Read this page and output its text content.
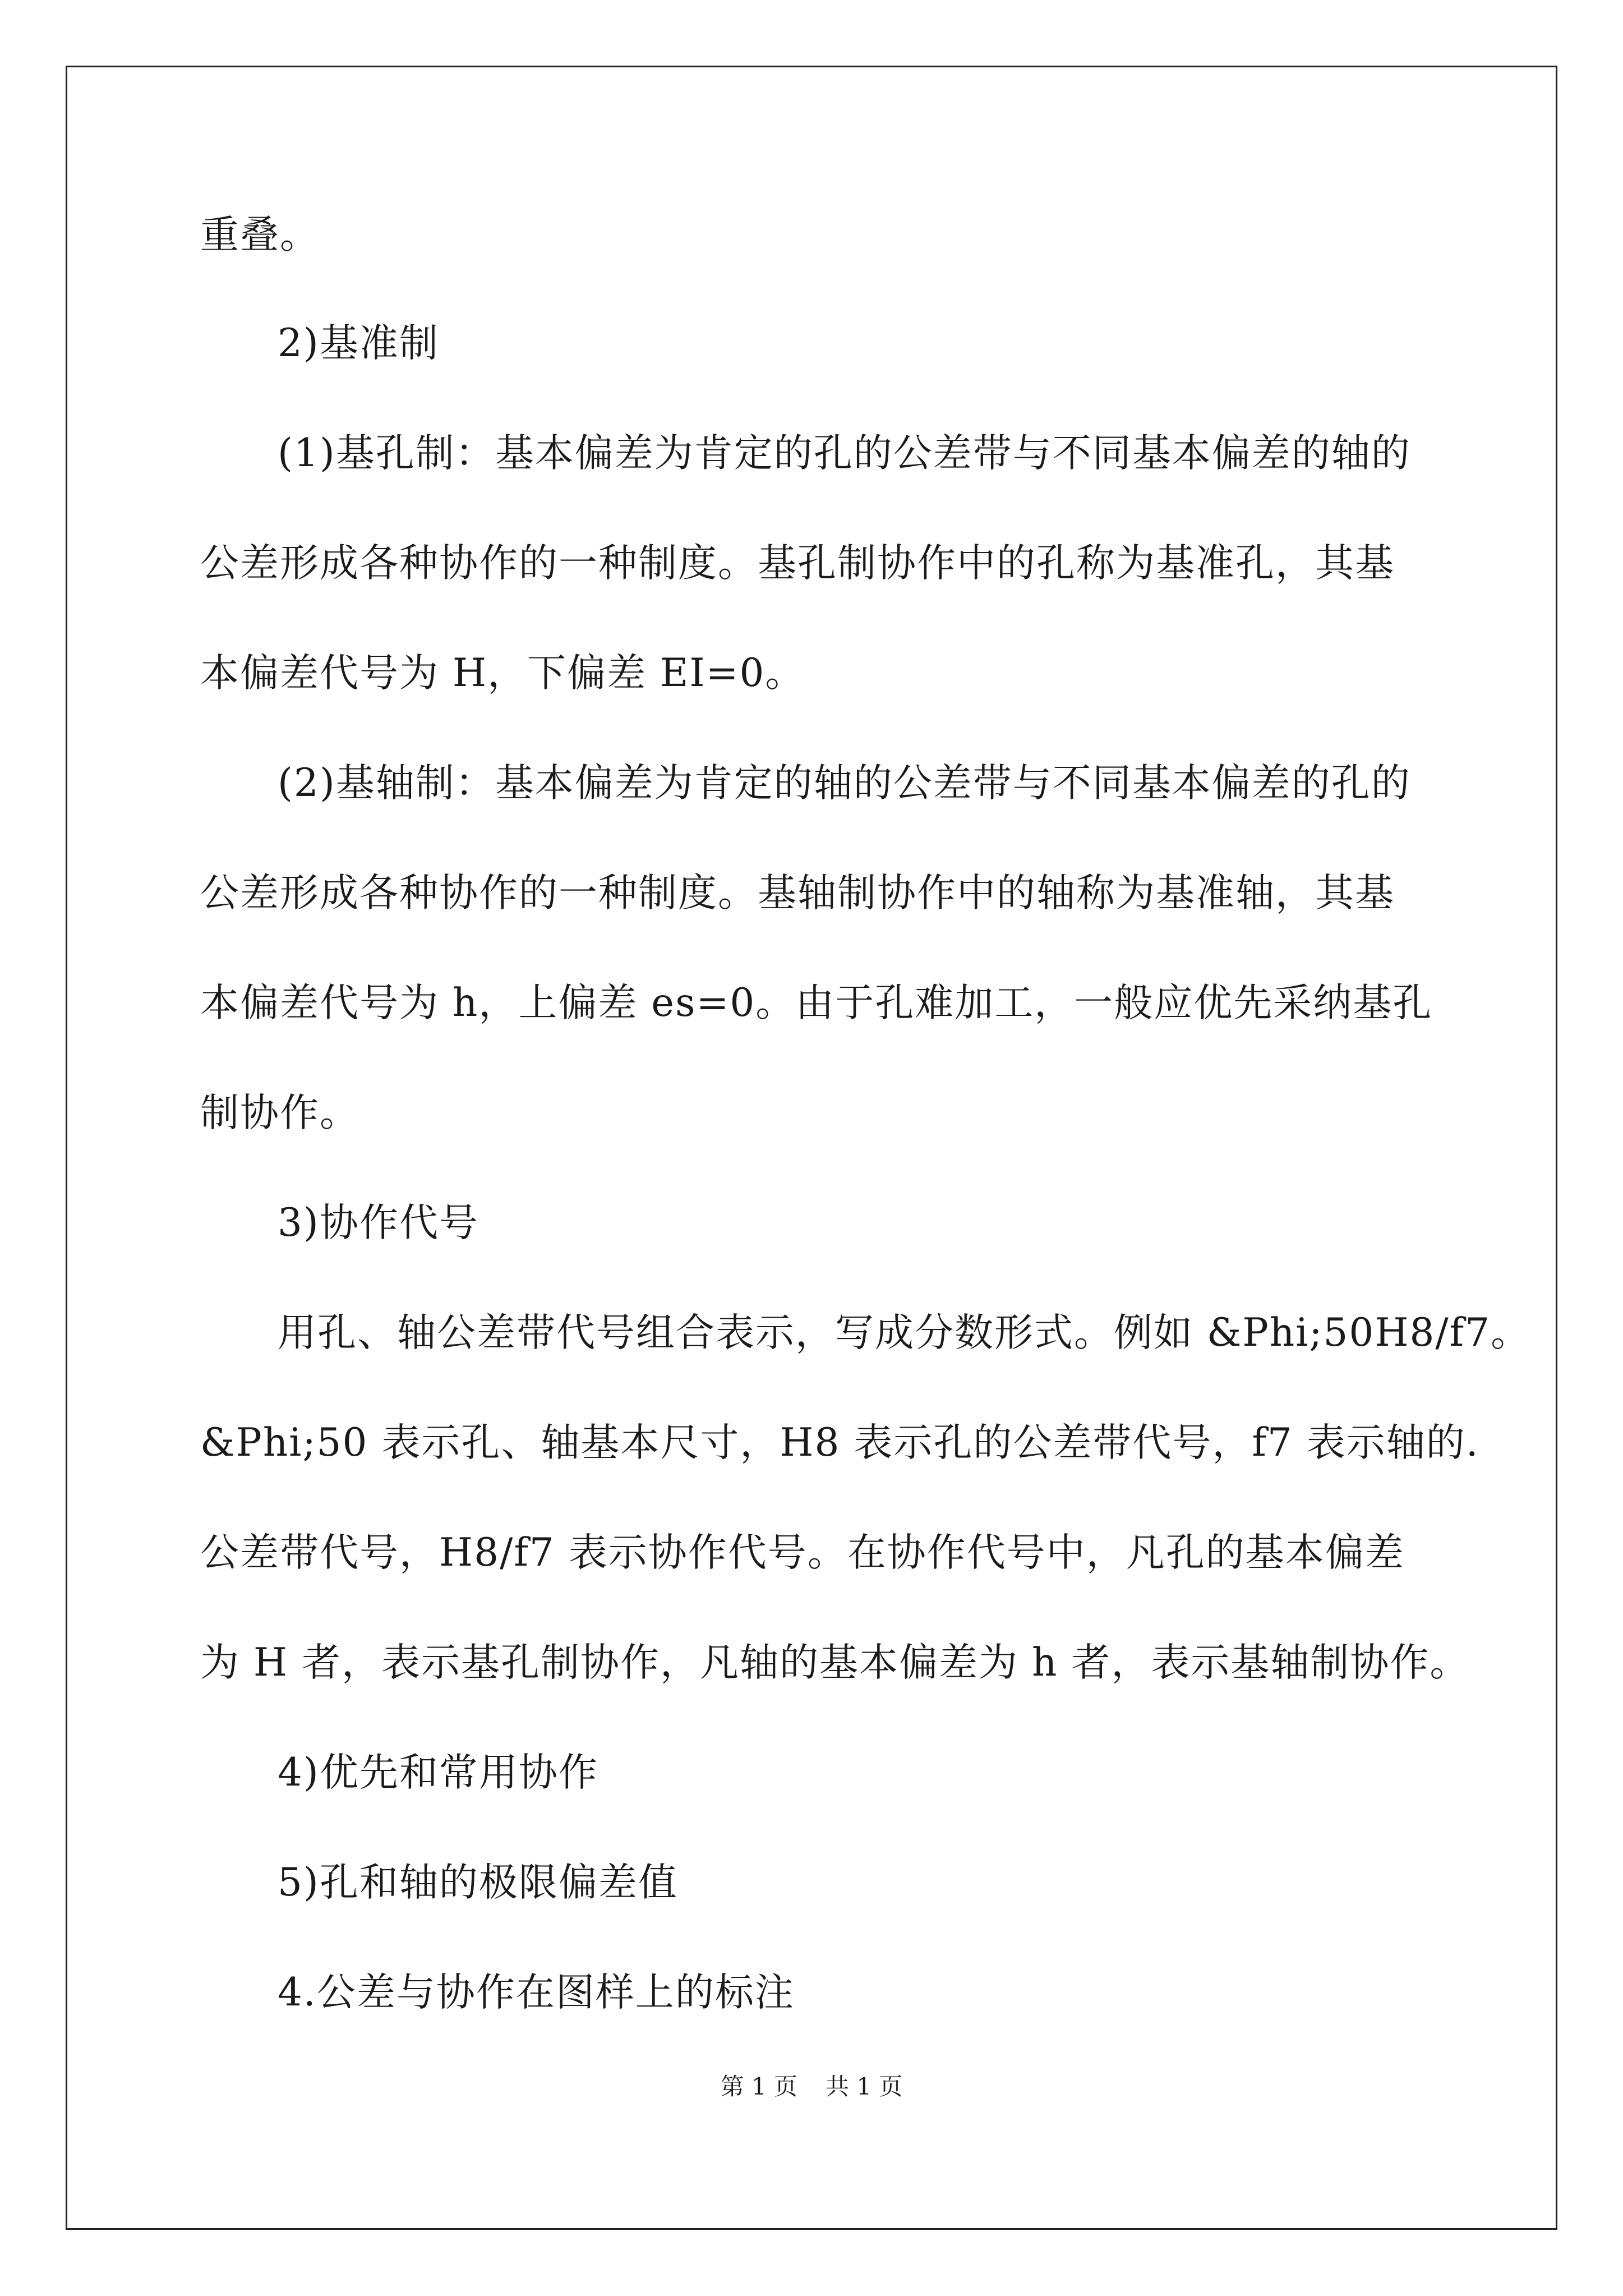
重叠。
2)基准制
(1)基孔制：基本偏差为肯定的孔的公差带与不同基本偏差的轴的
公差形成各种协作的一种制度。基孔制协作中的孔称为基准孔，其基
本偏差代号为 H，下偏差 EI=0。
(2)基轴制：基本偏差为肯定的轴的公差带与不同基本偏差的孔的
公差形成各种协作的一种制度。基轴制协作中的轴称为基准轴，其基
本偏差代号为 h，上偏差 es=0。由于孔难加工，一般应优先采纳基孔
制协作。
3)协作代号
用孔、轴公差带代号组合表示，写成分数形式。例如 &Phi;50H8/f7。
&Phi;50 表示孔、轴基本尺寸，H8 表示孔的公差带代号，f7 表示轴的.
公差带代号，H8/f7 表示协作代号。在协作代号中，凡孔的基本偏差
为 H 者，表示基孔制协作，凡轴的基本偏差为 h 者，表示基轴制协作。
4)优先和常用协作
5)孔和轴的极限偏差值
4.公差与协作在图样上的标注
第 1 页 共 1 页
